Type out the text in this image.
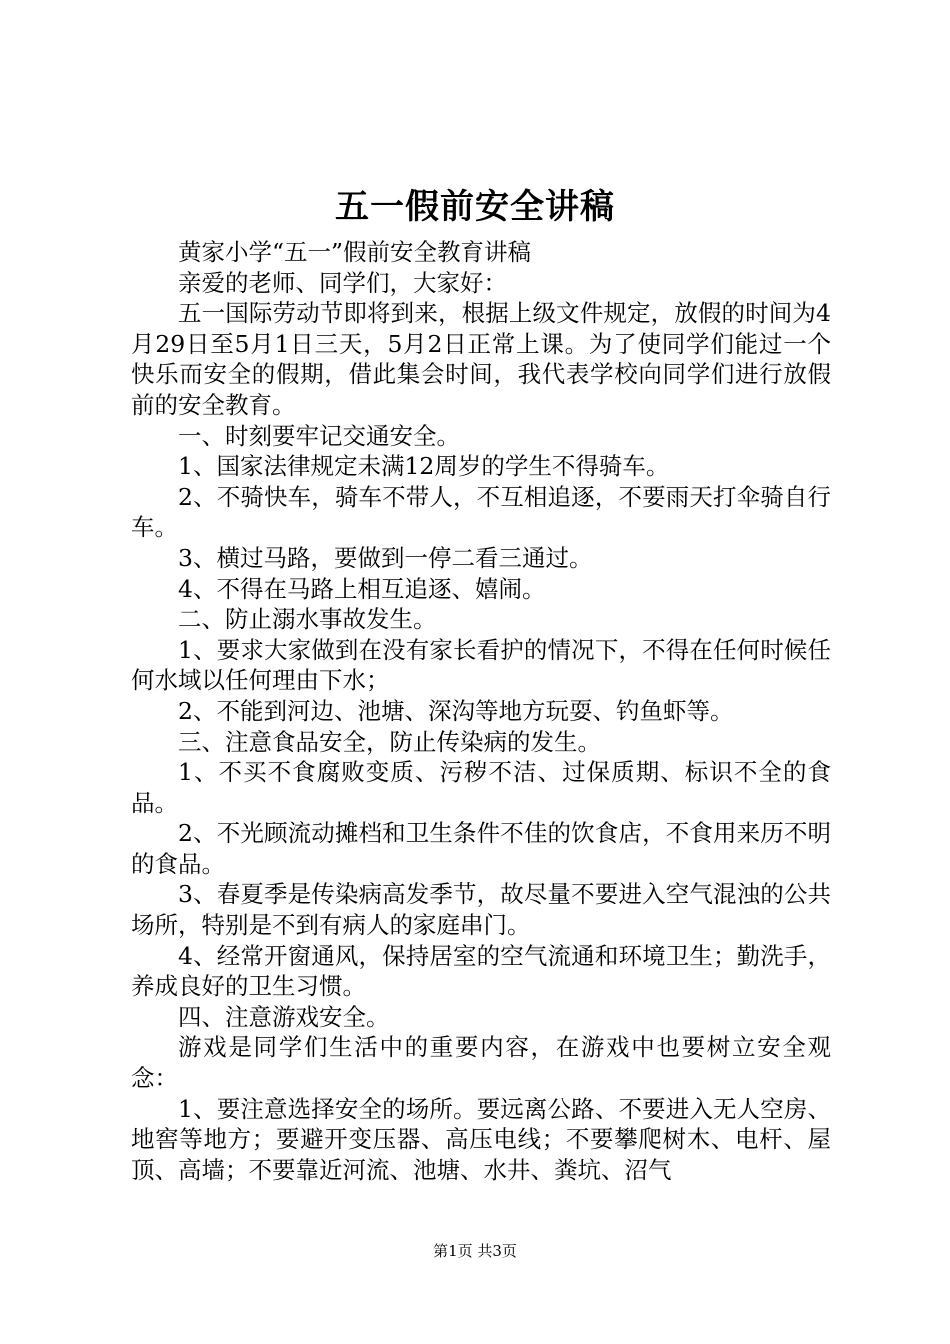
五一假前安全讲稿

黄家小学“五一”假前安全教育讲稿

亲爱的老师、同学们，大家好：

五一国际劳动节即将到来，根据上级文件规定，放假的时间为4月29日至5月1日三天，5月2日正常上课。为了使同学们能过一个快乐而安全的假期，借此集会时间，我代表学校向同学们进行放假前的安全教育。

一、时刻要牢记交通安全。

1、国家法律规定未满12周岁的学生不得骑车。

2、不骑快车，骑车不带人，不互相追逐，不要雨天打伞骑自行车。

3、横过马路，要做到一停二看三通过。

4、不得在马路上相互追逐、嬉闹。

二、防止溺水事故发生。

1、要求大家做到在没有家长看护的情况下，不得在任何时候任何水域以任何理由下水；

2、不能到河边、池塘、深沟等地方玩耍、钓鱼虾等。

三、注意食品安全，防止传染病的发生。

1、不买不食腐败变质、污秽不洁、过保质期、标识不全的食品。

2、不光顾流动摊档和卫生条件不佳的饮食店，不食用来历不明的食品。

3、春夏季是传染病高发季节，故尽量不要进入空气混浊的公共场所，特别是不到有病人的家庭串门。

4、经常开窗通风，保持居室的空气流通和环境卫生；勤洗手，养成良好的卫生习惯。

四、注意游戏安全。

游戏是同学们生活中的重要内容，在游戏中也要树立安全观念：

1、要注意选择安全的场所。要远离公路、不要进入无人空房、地窖等地方；要避开变压器、高压电线；不要攀爬树木、电杆、屋顶、高墙；不要靠近河流、池塘、水井、粪坑、沼气

第1页 共3页
